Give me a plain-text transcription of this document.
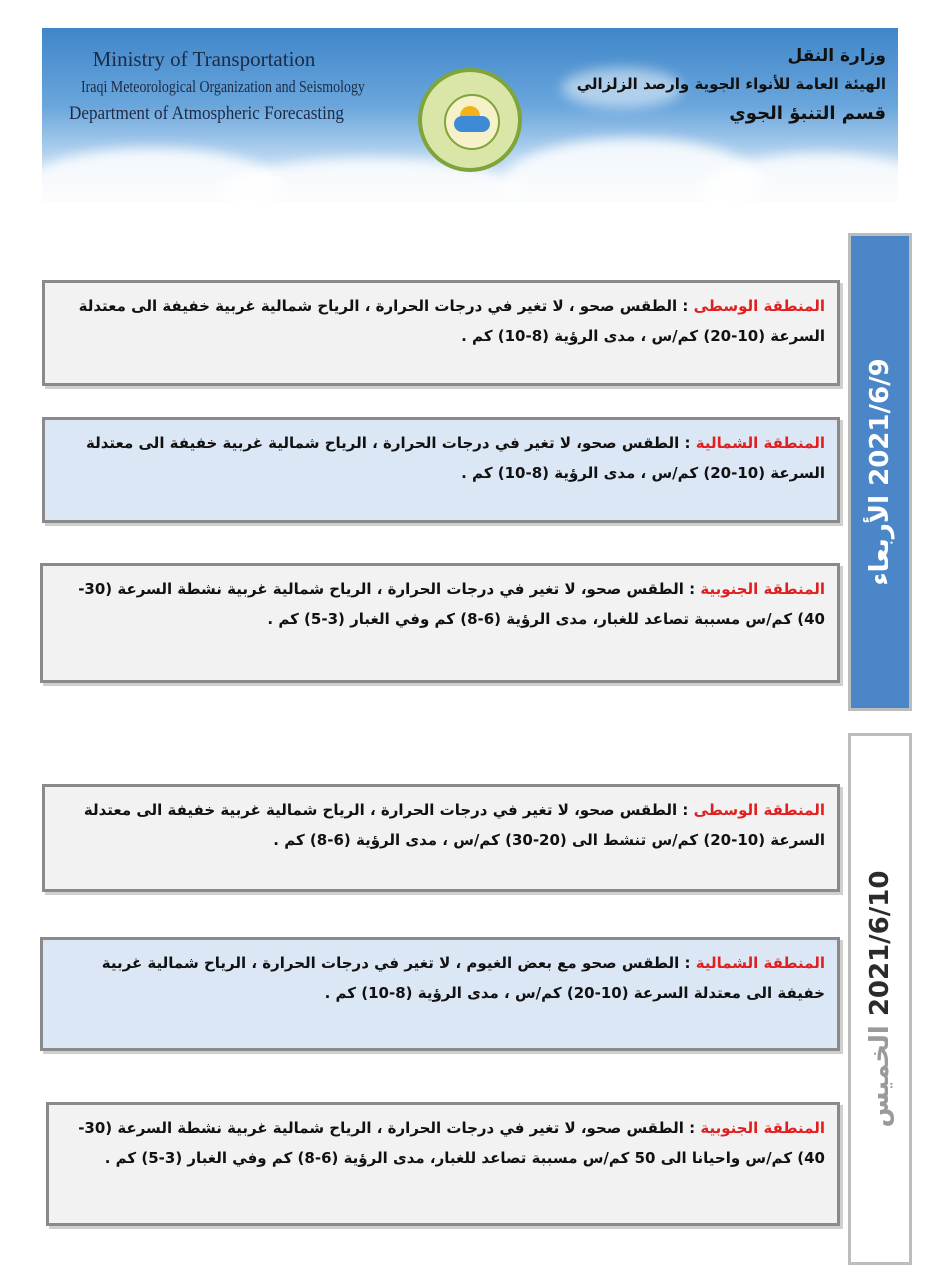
Ministry of Transportation
Iraqi Meteorological Organization and Seismology
Department of Atmospheric Forecasting
وزارة النقل
الهيئة العامة للأنواء الجوية وارصد الزلزالي
قسم التنبؤ الجوي
2021/6/9 الأربعاء
المنطقة الوسطى : الطقس صحو ، لا تغير في درجات الحرارة ، الرياح شمالية غربية خفيفة الى معتدلة السرعة (10-20) كم/س ، مدى الرؤية (8-10) كم .
المنطقة الشمالية : الطقس صحو، لا تغير في درجات الحرارة ، الرياح شمالية غربية خفيفة الى معتدلة السرعة (10-20) كم/س ، مدى الرؤية (8-10) كم .
المنطقة الجنوبية : الطقس صحو، لا تغير في درجات الحرارة ، الرياح شمالية غربية نشطة السرعة (30-40) كم/س مسببة تصاعد للغبار، مدى الرؤية (6-8) كم وفي الغبار (3-5) كم .
2021/6/10 الخميس
المنطقة الوسطى : الطقس صحو، لا تغير في درجات الحرارة ، الرياح شمالية غربية خفيفة الى معتدلة السرعة (10-20) كم/س تنشط الى (20-30) كم/س ، مدى الرؤية (6-8) كم .
المنطقة الشمالية : الطقس صحو مع بعض الغيوم ، لا تغير في درجات الحرارة ، الرياح شمالية غربية خفيفة الى معتدلة السرعة (10-20) كم/س ، مدى الرؤية (8-10) كم .
المنطقة الجنوبية : الطقس صحو، لا تغير في درجات الحرارة ، الرياح شمالية غربية نشطة السرعة (30-40) كم/س واحيانا الى 50 كم/س مسببة تصاعد للغبار، مدى الرؤية (6-8) كم وفي الغبار (3-5) كم .
